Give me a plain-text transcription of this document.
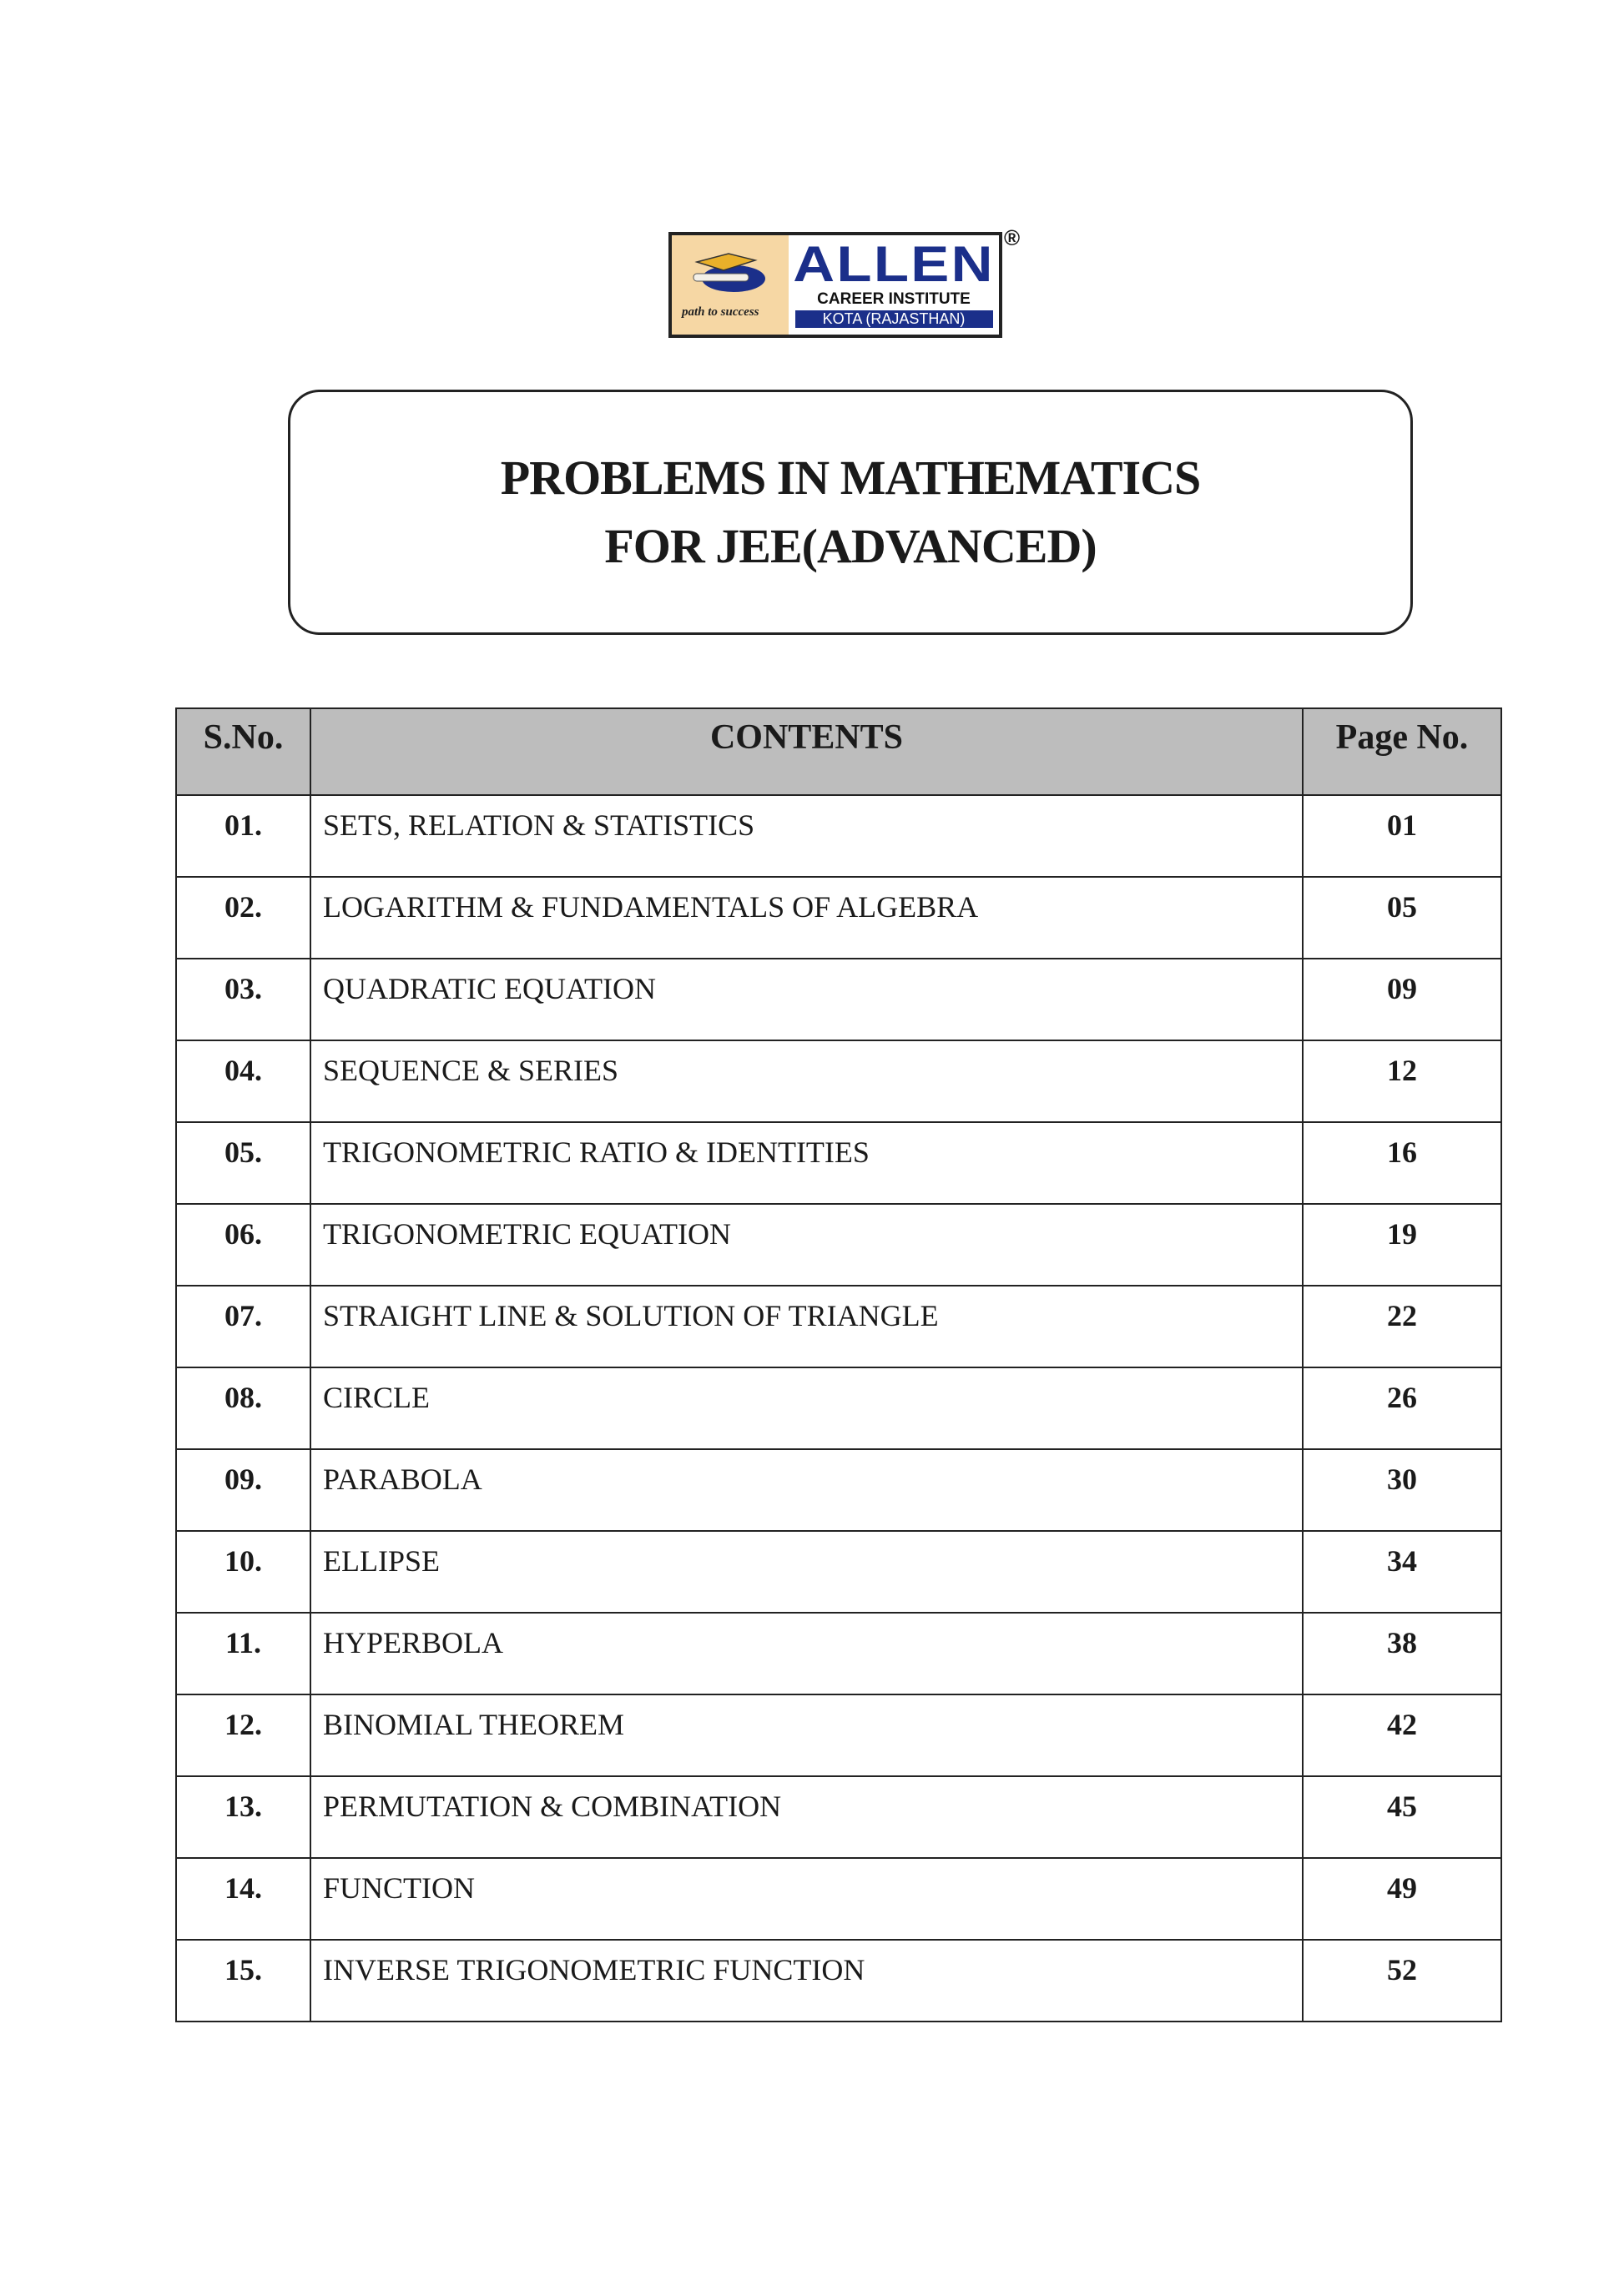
path to success
ALLEN
CAREER INSTITUTE
KOTA (RAJASTHAN)
®
PROBLEMS IN MATHEMATICS
FOR JEE(ADVANCED)
S.No.	CONTENTS	Page No.
01.	SETS, RELATION & STATISTICS	01
02.	LOGARITHM & FUNDAMENTALS OF ALGEBRA	05
03.	QUADRATIC EQUATION	09
04.	SEQUENCE & SERIES	12
05.	TRIGONOMETRIC RATIO & IDENTITIES	16
06.	TRIGONOMETRIC EQUATION	19
07.	STRAIGHT LINE & SOLUTION OF TRIANGLE	22
08.	CIRCLE	26
09.	PARABOLA	30
10.	ELLIPSE	34
11.	HYPERBOLA	38
12.	BINOMIAL THEOREM	42
13.	PERMUTATION & COMBINATION	45
14.	FUNCTION	49
15.	INVERSE TRIGONOMETRIC FUNCTION	52
